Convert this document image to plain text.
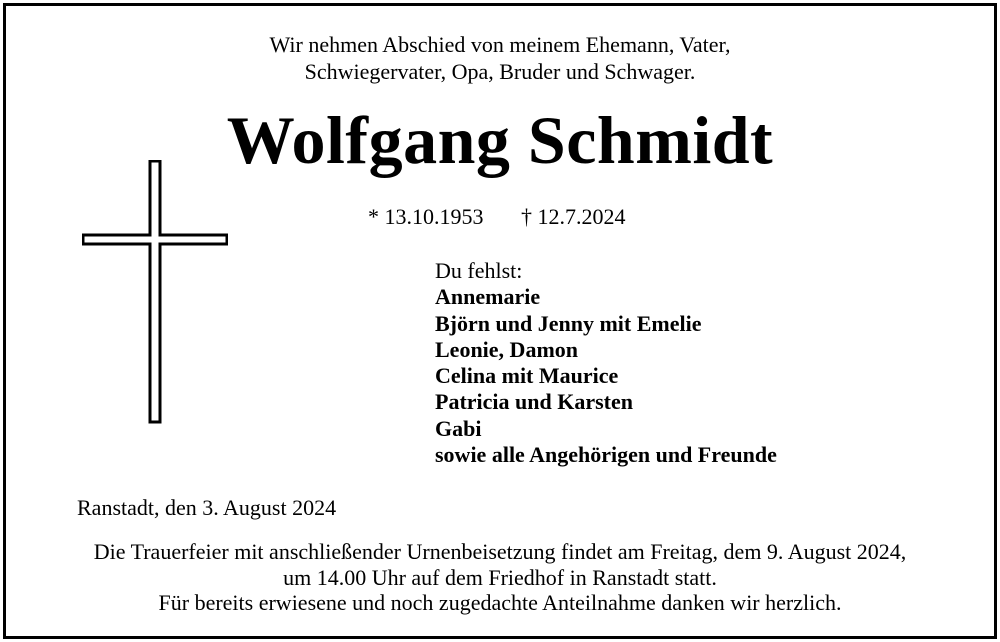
Wir nehmen Abschied von meinem Ehemann, Vater,
Schwiegervater, Opa, Bruder und Schwager.
Wolfgang Schmidt
* 13.10.1953 † 12.7.2024
Du fehlst:
Annemarie
Björn und Jenny mit Emelie
Leonie, Damon
Celina mit Maurice
Patricia und Karsten
Gabi
sowie alle Angehörigen und Freunde
Ranstadt, den 3. August 2024
Die Trauerfeier mit anschließender Urnenbeisetzung findet am Freitag, dem 9. August 2024,
um 14.00 Uhr auf dem Friedhof in Ranstadt statt.
Für bereits erwiesene und noch zugedachte Anteilnahme danken wir herzlich.
